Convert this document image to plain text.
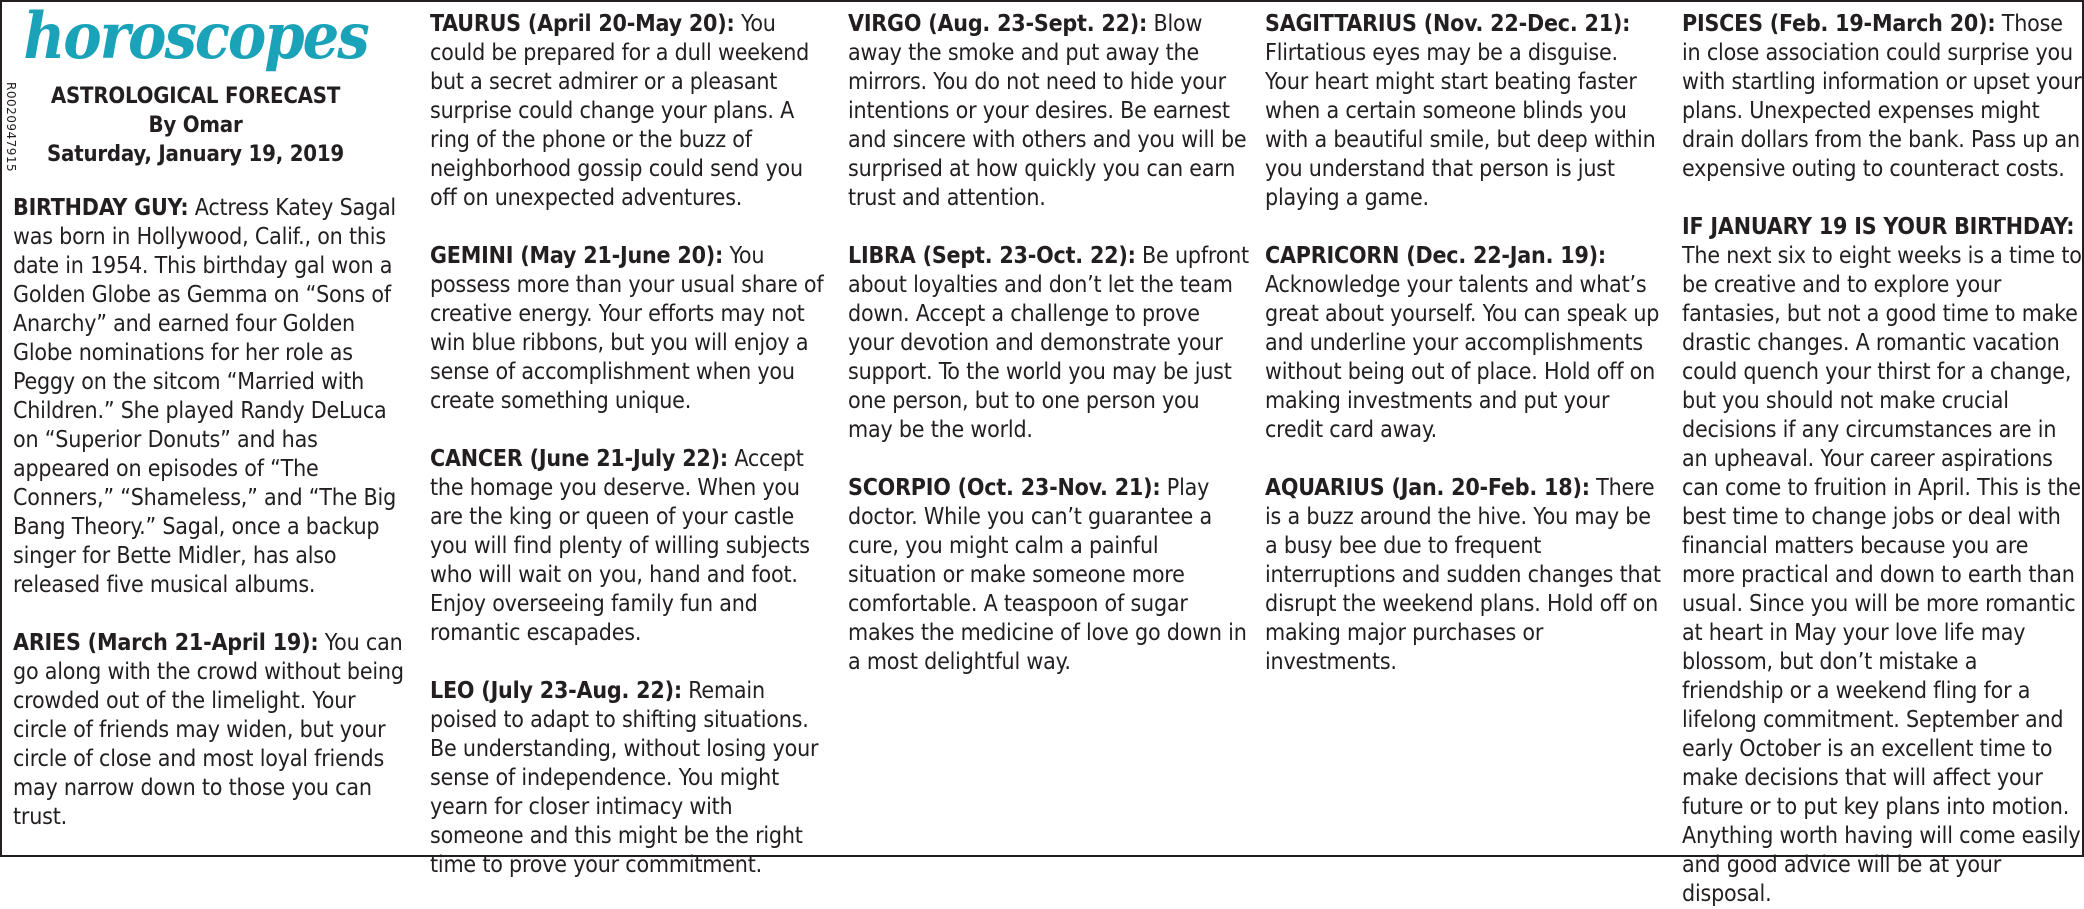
R0020947915
horoscopes
ASTROLOGICAL FORECAST
By Omar
Saturday, January 19, 2019

BIRTHDAY GUY: Actress Katey Sagal was born in Hollywood, Calif., on this date in 1954. This birthday gal won a Golden Globe as Gemma on “Sons of Anarchy” and earned four Golden Globe nominations for her role as Peggy on the sitcom “Married with Children.” She played Randy DeLuca on “Superior Donuts” and has appeared on episodes of “The Conners,” “Shameless,” and “The Big Bang Theory.” Sagal, once a backup singer for Bette Midler, has also released five musical albums.

ARIES (March 21-April 19): You can go along with the crowd without being crowded out of the limelight. Your circle of friends may widen, but your circle of close and most loyal friends may narrow down to those you can trust.

TAURUS (April 20-May 20): You could be prepared for a dull weekend but a secret admirer or a pleasant surprise could change your plans. A ring of the phone or the buzz of neighborhood gossip could send you off on unexpected adventures.

GEMINI (May 21-June 20): You possess more than your usual share of creative energy. Your efforts may not win blue ribbons, but you will enjoy a sense of accomplishment when you create something unique.

CANCER (June 21-July 22): Accept the homage you deserve. When you are the king or queen of your castle you will find plenty of willing subjects who will wait on you, hand and foot. Enjoy overseeing family fun and romantic escapades.

LEO (July 23-Aug. 22): Remain poised to adapt to shifting situations. Be understanding, without losing your sense of independence. You might yearn for closer intimacy with someone and this might be the right time to prove your commitment.

VIRGO (Aug. 23-Sept. 22): Blow away the smoke and put away the mirrors. You do not need to hide your intentions or your desires. Be earnest and sincere with others and you will be surprised at how quickly you can earn trust and attention.

LIBRA (Sept. 23-Oct. 22): Be upfront about loyalties and don’t let the team down. Accept a challenge to prove your devotion and demonstrate your support. To the world you may be just one person, but to one person you may be the world.

SCORPIO (Oct. 23-Nov. 21): Play doctor. While you can’t guarantee a cure, you might calm a painful situation or make someone more comfortable. A teaspoon of sugar makes the medicine of love go down in a most delightful way.

SAGITTARIUS (Nov. 22-Dec. 21): Flirtatious eyes may be a disguise. Your heart might start beating faster when a certain someone blinds you with a beautiful smile, but deep within you understand that person is just playing a game.

CAPRICORN (Dec. 22-Jan. 19): Acknowledge your talents and what’s great about yourself. You can speak up and underline your accomplishments without being out of place. Hold off on making investments and put your credit card away.

AQUARIUS (Jan. 20-Feb. 18): There is a buzz around the hive. You may be a busy bee due to frequent interruptions and sudden changes that disrupt the weekend plans. Hold off on making major purchases or investments.

PISCES (Feb. 19-March 20): Those in close association could surprise you with startling information or upset your plans. Unexpected expenses might drain dollars from the bank. Pass up an expensive outing to counteract costs.

IF JANUARY 19 IS YOUR BIRTHDAY: The next six to eight weeks is a time to be creative and to explore your fantasies, but not a good time to make drastic changes. A romantic vacation could quench your thirst for a change, but you should not make crucial decisions if any circumstances are in an upheaval. Your career aspirations can come to fruition in April. This is the best time to change jobs or deal with financial matters because you are more practical and down to earth than usual. Since you will be more romantic at heart in May your love life may blossom, but don’t mistake a friendship or a weekend fling for a lifelong commitment. September and early October is an excellent time to make decisions that will affect your future or to put key plans into motion. Anything worth having will come easily and good advice will be at your disposal.
